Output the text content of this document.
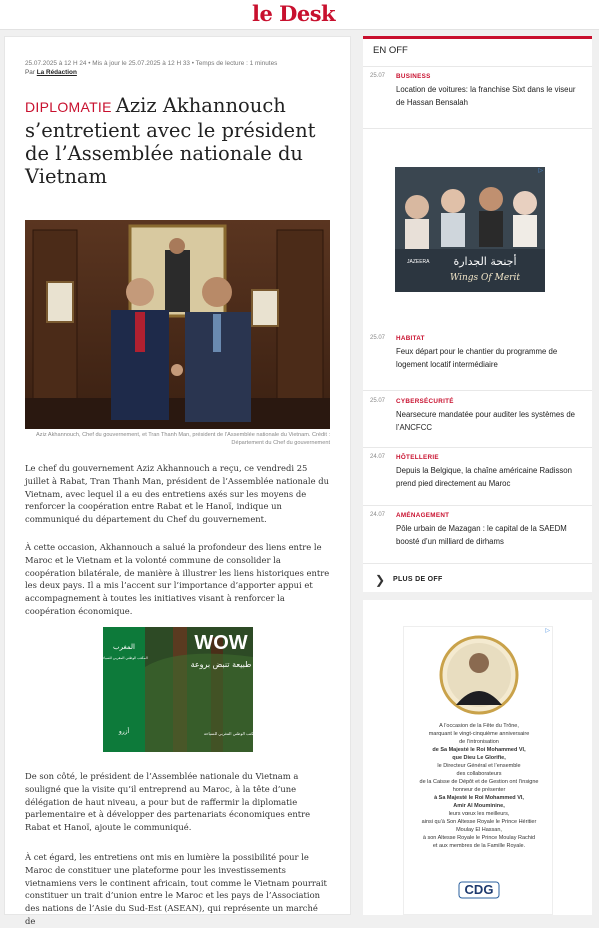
le Desk
25.07.2025 à 12 H 24 • Mis à jour le 25.07.2025 à 12 H 33 • Temps de lecture : 1 minutes
Par La Rédaction
DIPLOMATIE Aziz Akhannouch s’entretient avec le président de l’Assemblée nationale du Vietnam
Aziz Akhannouch, Chef du gouvernement, et Tran Thanh Man, président de l’Assemblée nationale du Vietnam. Crédit : Département du Chef du gouvernement

Le chef du gouvernement Aziz Akhannouch a reçu, ce vendredi 25 juillet à Rabat, Tran Thanh Man, président de l’Assemblée nationale du Vietnam, avec lequel il a eu des entretiens axés sur les moyens de renforcer la coopération entre Rabat et le Hanoï, indique un communiqué du département du Chef du gouvernement.

À cette occasion, Akhannouch a salué la profondeur des liens entre le Maroc et le Vietnam et la volonté commune de consolider la coopération bilatérale, de manière à illustrer les liens historiques entre les deux pays. Il a mis l’accent sur l’importance d’apporter appui et accompagnement à toutes les initiatives visant à renforcer la coopération économique.

WOW
طبيعة تنبض بروعة
المغرب
المكتب الوطني المغربي للسياحة
أزرو	المكتب الوطني المغربي للسياحة

De son côté, le président de l’Assemblée nationale du Vietnam a souligné que la visite qu’il entreprend au Maroc, à la tête d’une délégation de haut niveau, a pour but de raffermir la diplomatie parlementaire et à développer des partenariats économiques entre Rabat et Hanoï, ajoute le communiqué.

À cet égard, les entretiens ont mis en lumière la possibilité pour le Maroc de constituer une plateforme pour les investissements vietnamiens vers le continent africain, tout comme le Vietnam pourrait constituer un trait d’union entre le Maroc et les pays de l’Association des nations de l’Asie du Sud-Est (ASEAN), qui représente un marché de

EN OFF
25.07 BUSINESS
Location de voitures: la franchise Sixt dans le viseur de Hassan Bensalah
▷
JAZEERA أجنحة الجدارة
Wings Of Merit
25.07 HABITAT
Feux départ pour le chantier du programme de logement locatif intermédiaire
25.07 CYBERSÉCURITÉ
Nearsecure mandatée pour auditer les systèmes de l’ANCFCC
24.07 HÔTELLERIE
Depuis la Belgique, la chaîne américaine Radisson prend pied directement au Maroc
24.07 AMÉNAGEMENT
Pôle urbain de Mazagan : le capital de la SAEDM boosté d’un milliard de dirhams
❯ PLUS DE OFF
▷
CDG
A l’occasion de la Fête du Trône,
marquant le vingt-cinquième anniversaire
de l’intronisation
de Sa Majesté le Roi Mohammed VI,
que Dieu Le Glorifie,
le Directeur Général et l’ensemble
des collaborateurs
de la Caisse de Dépôt et de Gestion ont l’insigne
honneur de présenter
à Sa Majesté le Roi Mohammed VI,
Amir Al Mouminine,
leurs vœux les meilleurs,
ainsi qu’à Son Altesse Royale le Prince Héritier
Moulay El Hassan,
à son Altesse Royale le Prince Moulay Rachid
et aux membres de la Famille Royale.
